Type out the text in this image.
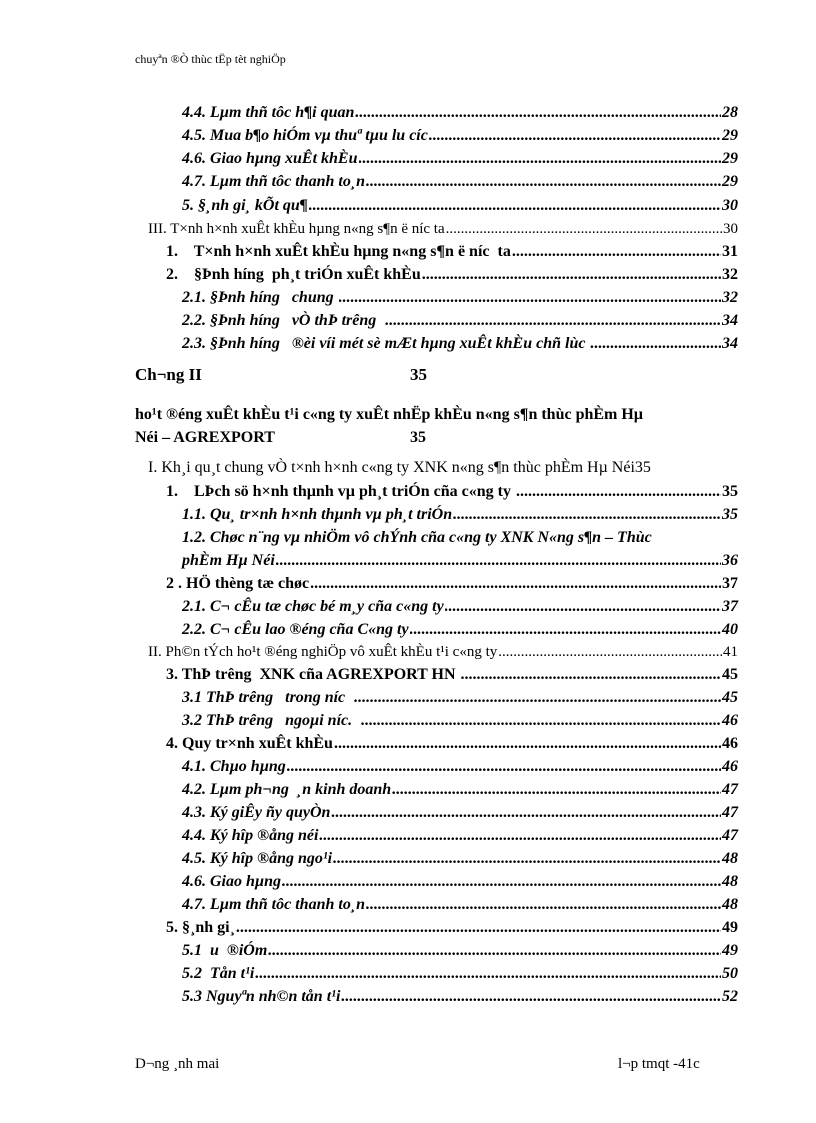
chuyªn ®Ò thùc tËp tèt nghiÖp
4.4. Lµm thñ tôc h¶i quan .....	28
4.5. Mua b¶o hiÓm vµ thuª tµu lu cíc .....	29
4.6. Giao hµng xuÊt khÈu .....	29
4.7. Lµm thñ tôc thanh to¸n .....	29
5. §¸nh gi¸ kÕt qu¶ .....	30
III. T×nh h×nh xuÊt khÈu hµng n«ng s¶n ë níc ta .....	30
1.    T×nh h×nh xuÊt khÈu hµng n«ng s¶n ë níc  ta .....	31
2.    §Þnh híng  ph¸t triÓn xuÊt khÈu .....	32
2.1. §Þnh híng   chung .....	32
2.2. §Þnh híng   vÒ thÞ trêng .....	34
2.3. §Þnh híng   ®èi víi mét sè mÆt hµng xuÊt khÈu chñ lùc .....	34
Ch¬ng II	35
ho¹t ®éng xuÊt khÈu t¹i c«ng ty xuÊt nhËp khÈu n«ng s¶n thùc phÈm Hµ
Néi – AGREXPORT	35
I. Kh¸i qu¸t chung vÒ t×nh h×nh c«ng ty XNK n«ng s¶n thùc phÈm Hµ Néi 35
1.    LÞch sö h×nh thµnh vµ ph¸t triÓn cña c«ng ty .....	35
1.1. Qu¸ tr×nh h×nh thµnh vµ ph¸t triÓn .....	35
1.2. Chøc n¨ng vµ nhiÖm vô chÝnh cña c«ng ty XNK N«ng s¶n – Thùc
phÈm Hµ Néi .....	36
2 . HÖ thèng tæ chøc .....	37
2.1. C¬ cÊu tæ chøc bé m¸y cña c«ng ty .....	37
2.2. C¬ cÊu lao ®éng cña C«ng ty .....	40
II. Ph©n tÝch ho¹t ®éng nghiÖp vô xuÊt khÈu t¹i c«ng ty .....	41
3. ThÞ trêng  XNK cña AGREXPORT HN .....	45
3.1 ThÞ trêng   trong níc .....	45
3.2 ThÞ trêng   ngoµi níc. .....	46
4. Quy tr×nh xuÊt khÈu .....	46
4.1. Chµo hµng .....	46
4.2. Lµm ph¬ng  ¸n kinh doanh .....	47
4.3. Ký giÊy ñy quyÒn .....	47
4.4. Ký hîp ®ång néi .....	47
4.5. Ký hîp ®ång ngo¹i .....	48
4.6. Giao hµng .....	48
4.7. Lµm thñ tôc thanh to¸n .....	48
5. §¸nh gi¸ .....	49
5.1  u  ®iÓm .....	49
5.2  Tån t¹i .....	50
5.3 Nguyªn nh©n tån t¹i .....	52
D¬ng ¸nh mai	l¬p tmqt -41c
